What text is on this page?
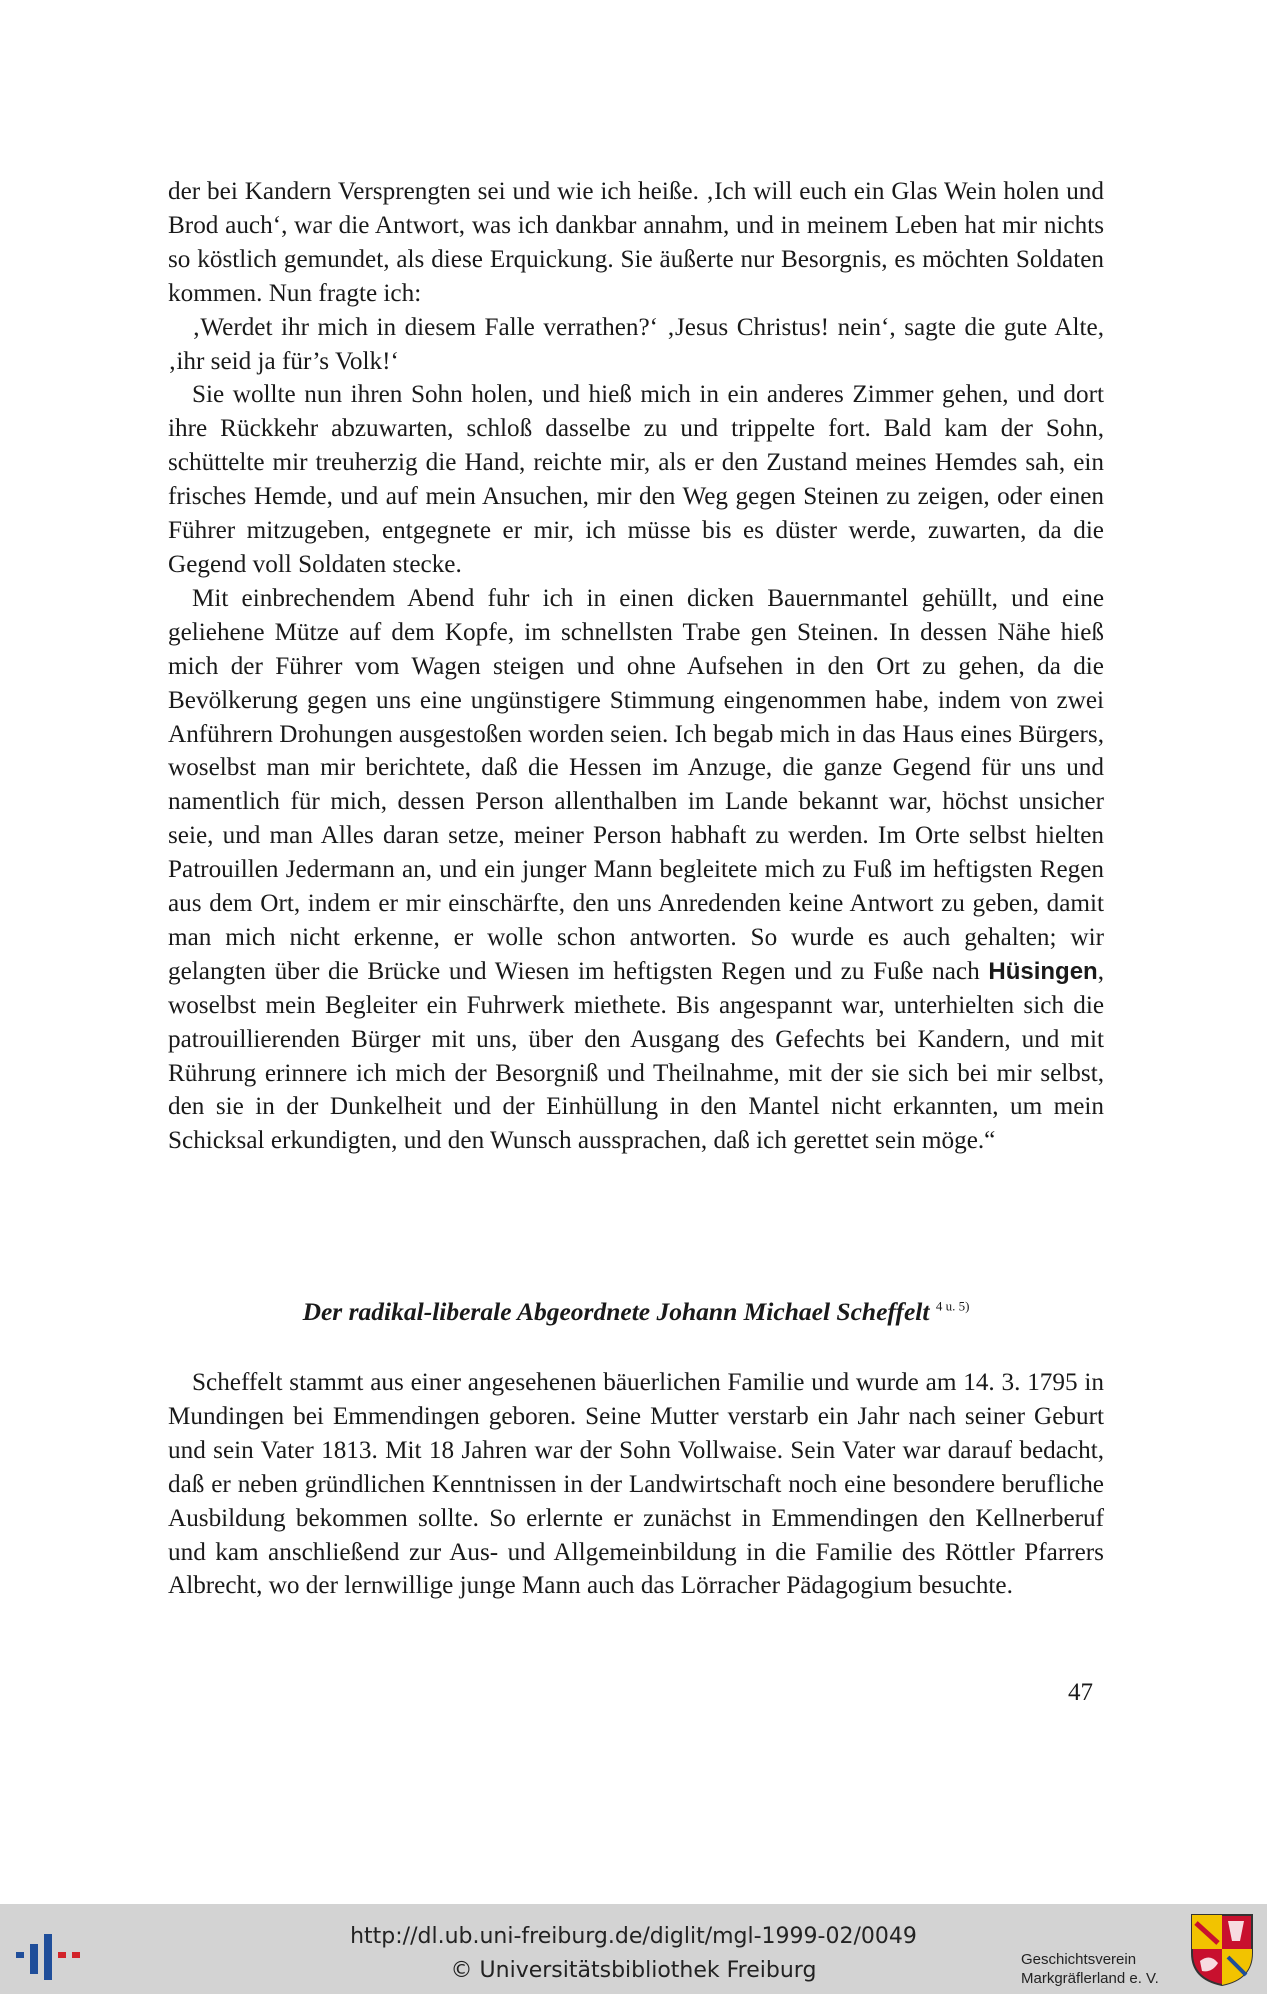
der bei Kandern Versprengten sei und wie ich heiße. ‚Ich will euch ein Glas Wein holen und Brod auch‘, war die Antwort, was ich dankbar annahm, und in meinem Leben hat mir nichts so köstlich gemundet, als diese Erquickung. Sie äußerte nur Besorgnis, es möchten Soldaten kommen. Nun fragte ich:

‚Werdet ihr mich in diesem Falle verrathen?‘ ‚Jesus Christus! nein‘, sagte die gute Alte, ‚ihr seid ja für’s Volk!‘

Sie wollte nun ihren Sohn holen, und hieß mich in ein anderes Zimmer gehen, und dort ihre Rückkehr abzuwarten, schloß dasselbe zu und trippelte fort. Bald kam der Sohn, schüttelte mir treuherzig die Hand, reichte mir, als er den Zustand meines Hemdes sah, ein frisches Hemde, und auf mein Ansuchen, mir den Weg gegen Steinen zu zeigen, oder einen Führer mitzugeben, entgegnete er mir, ich müsse bis es düster werde, zuwarten, da die Gegend voll Soldaten stecke.

Mit einbrechendem Abend fuhr ich in einen dicken Bauernmantel gehüllt, und eine geliehene Mütze auf dem Kopfe, im schnellsten Trabe gen Steinen. In dessen Nähe hieß mich der Führer vom Wagen steigen und ohne Aufsehen in den Ort zu gehen, da die Bevölkerung gegen uns eine ungünstigere Stimmung eingenommen habe, indem von zwei Anführern Drohungen ausgestoßen worden seien. Ich begab mich in das Haus eines Bürgers, woselbst man mir berichtete, daß die Hessen im Anzuge, die ganze Gegend für uns und namentlich für mich, dessen Person allenthalben im Lande bekannt war, höchst unsicher seie, und man Alles daran setze, meiner Person habhaft zu werden. Im Orte selbst hielten Patrouillen Jedermann an, und ein junger Mann begleitete mich zu Fuß im heftigsten Regen aus dem Ort, indem er mir einschärfte, den uns Anredenden keine Antwort zu geben, damit man mich nicht erkenne, er wolle schon antworten. So wurde es auch gehalten; wir gelangten über die Brücke und Wiesen im heftigsten Regen und zu Fuße nach Hüsingen, woselbst mein Begleiter ein Fuhrwerk miethete. Bis angespannt war, unterhielten sich die patrouillierenden Bürger mit uns, über den Ausgang des Gefechts bei Kandern, und mit Rührung erinnere ich mich der Besorgniß und Theilnahme, mit der sie sich bei mir selbst, den sie in der Dunkelheit und der Einhüllung in den Mantel nicht erkannten, um mein Schicksal erkundigten, und den Wunsch aussprachen, daß ich gerettet sein möge.“

Der radikal-liberale Abgeordnete Johann Michael Scheffelt $^{4 u. 5)}$

Scheffelt stammt aus einer angesehenen bäuerlichen Familie und wurde am 14. 3. 1795 in Mundingen bei Emmendingen geboren. Seine Mutter verstarb ein Jahr nach seiner Geburt und sein Vater 1813. Mit 18 Jahren war der Sohn Vollwaise. Sein Vater war darauf bedacht, daß er neben gründlichen Kenntnissen in der Landwirtschaft noch eine besondere berufliche Ausbildung bekommen sollte. So erlernte er zunächst in Emmendingen den Kellnerberuf und kam anschließend zur Aus- und Allgemeinbildung in die Familie des Röttler Pfarrers Albrecht, wo der lernwillige junge Mann auch das Lörracher Pädagogium besuchte.

47
http://dl.ub.uni-freiburg.de/diglit/mgl-1999-02/0049
© Universitätsbibliothek Freiburg	Geschichtsverein
Markgräflerland e. V.
